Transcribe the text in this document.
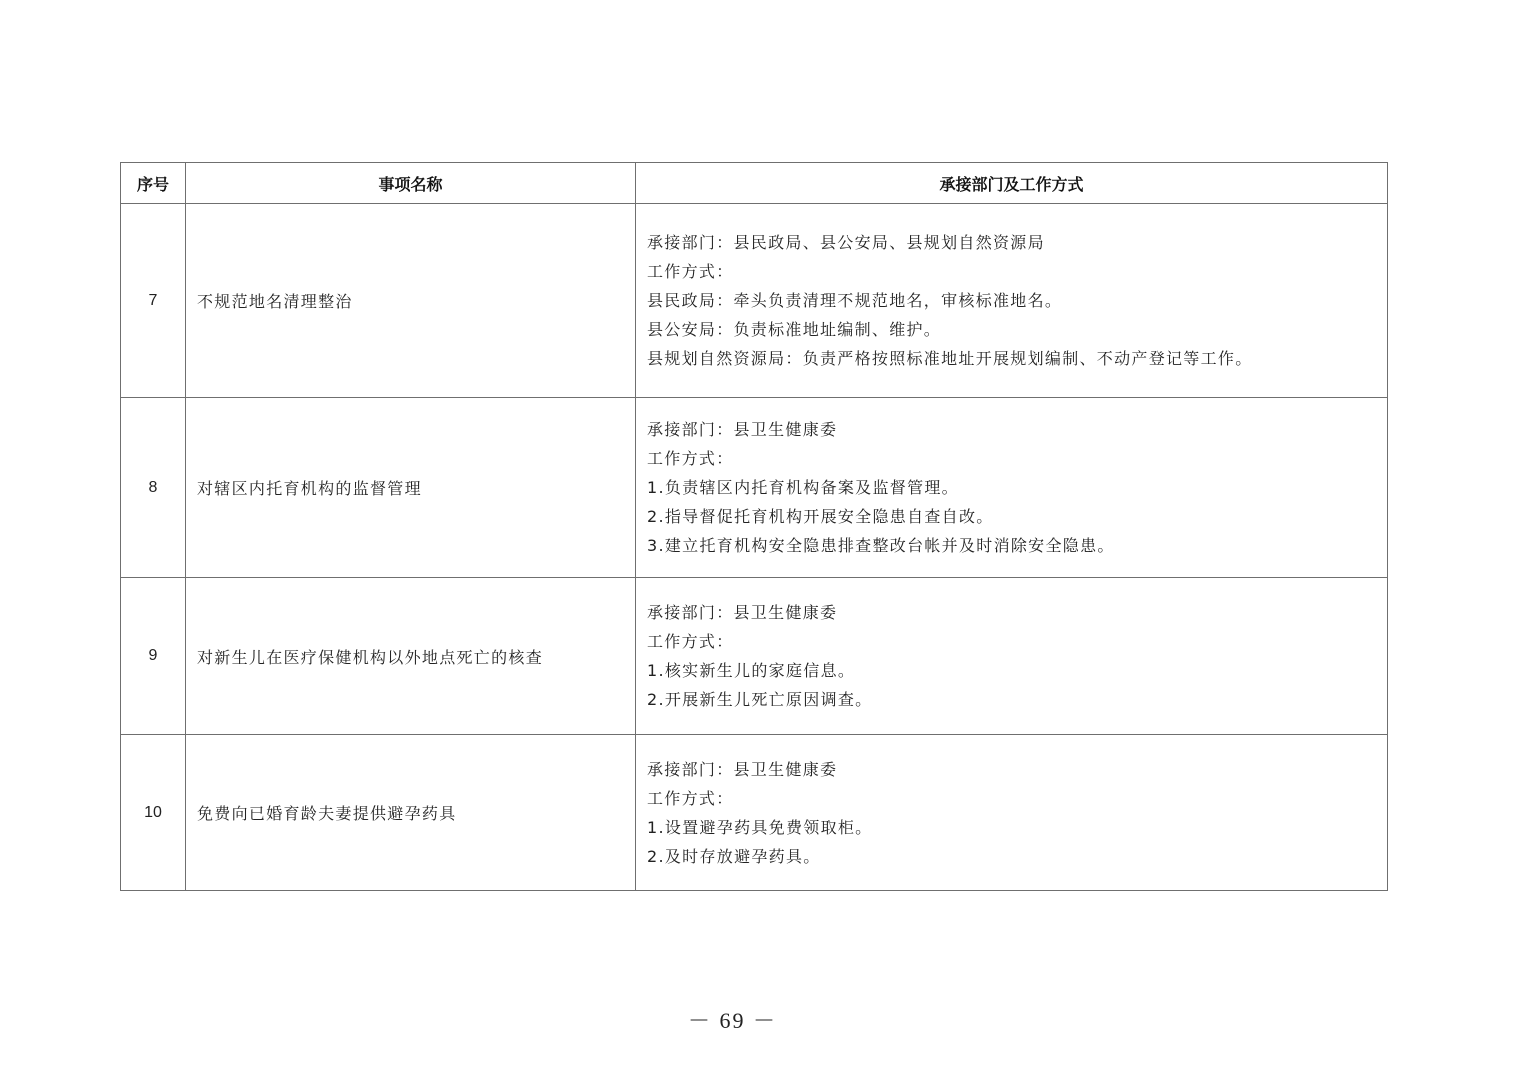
序号	事项名称	承接部门及工作方式
7	不规范地名清理整治	承接部门：县民政局、县公安局、县规划自然资源局
工作方式：
县民政局：牵头负责清理不规范地名，审核标准地名。
县公安局：负责标准地址编制、维护。
县规划自然资源局：负责严格按照标准地址开展规划编制、不动产登记等工作。

8	对辖区内托育机构的监督管理	承接部门：县卫生健康委
工作方式：
1.负责辖区内托育机构备案及监督管理。
2.指导督促托育机构开展安全隐患自查自改。
3.建立托育机构安全隐患排查整改台帐并及时消除安全隐患。

9	对新生儿在医疗保健机构以外地点死亡的核查	承接部门：县卫生健康委
工作方式：
1.核实新生儿的家庭信息。
2.开展新生儿死亡原因调查。

10	免费向已婚育龄夫妻提供避孕药具	承接部门：县卫生健康委
工作方式：
1.设置避孕药具免费领取柜。
2.及时存放避孕药具。
－ 69 －
